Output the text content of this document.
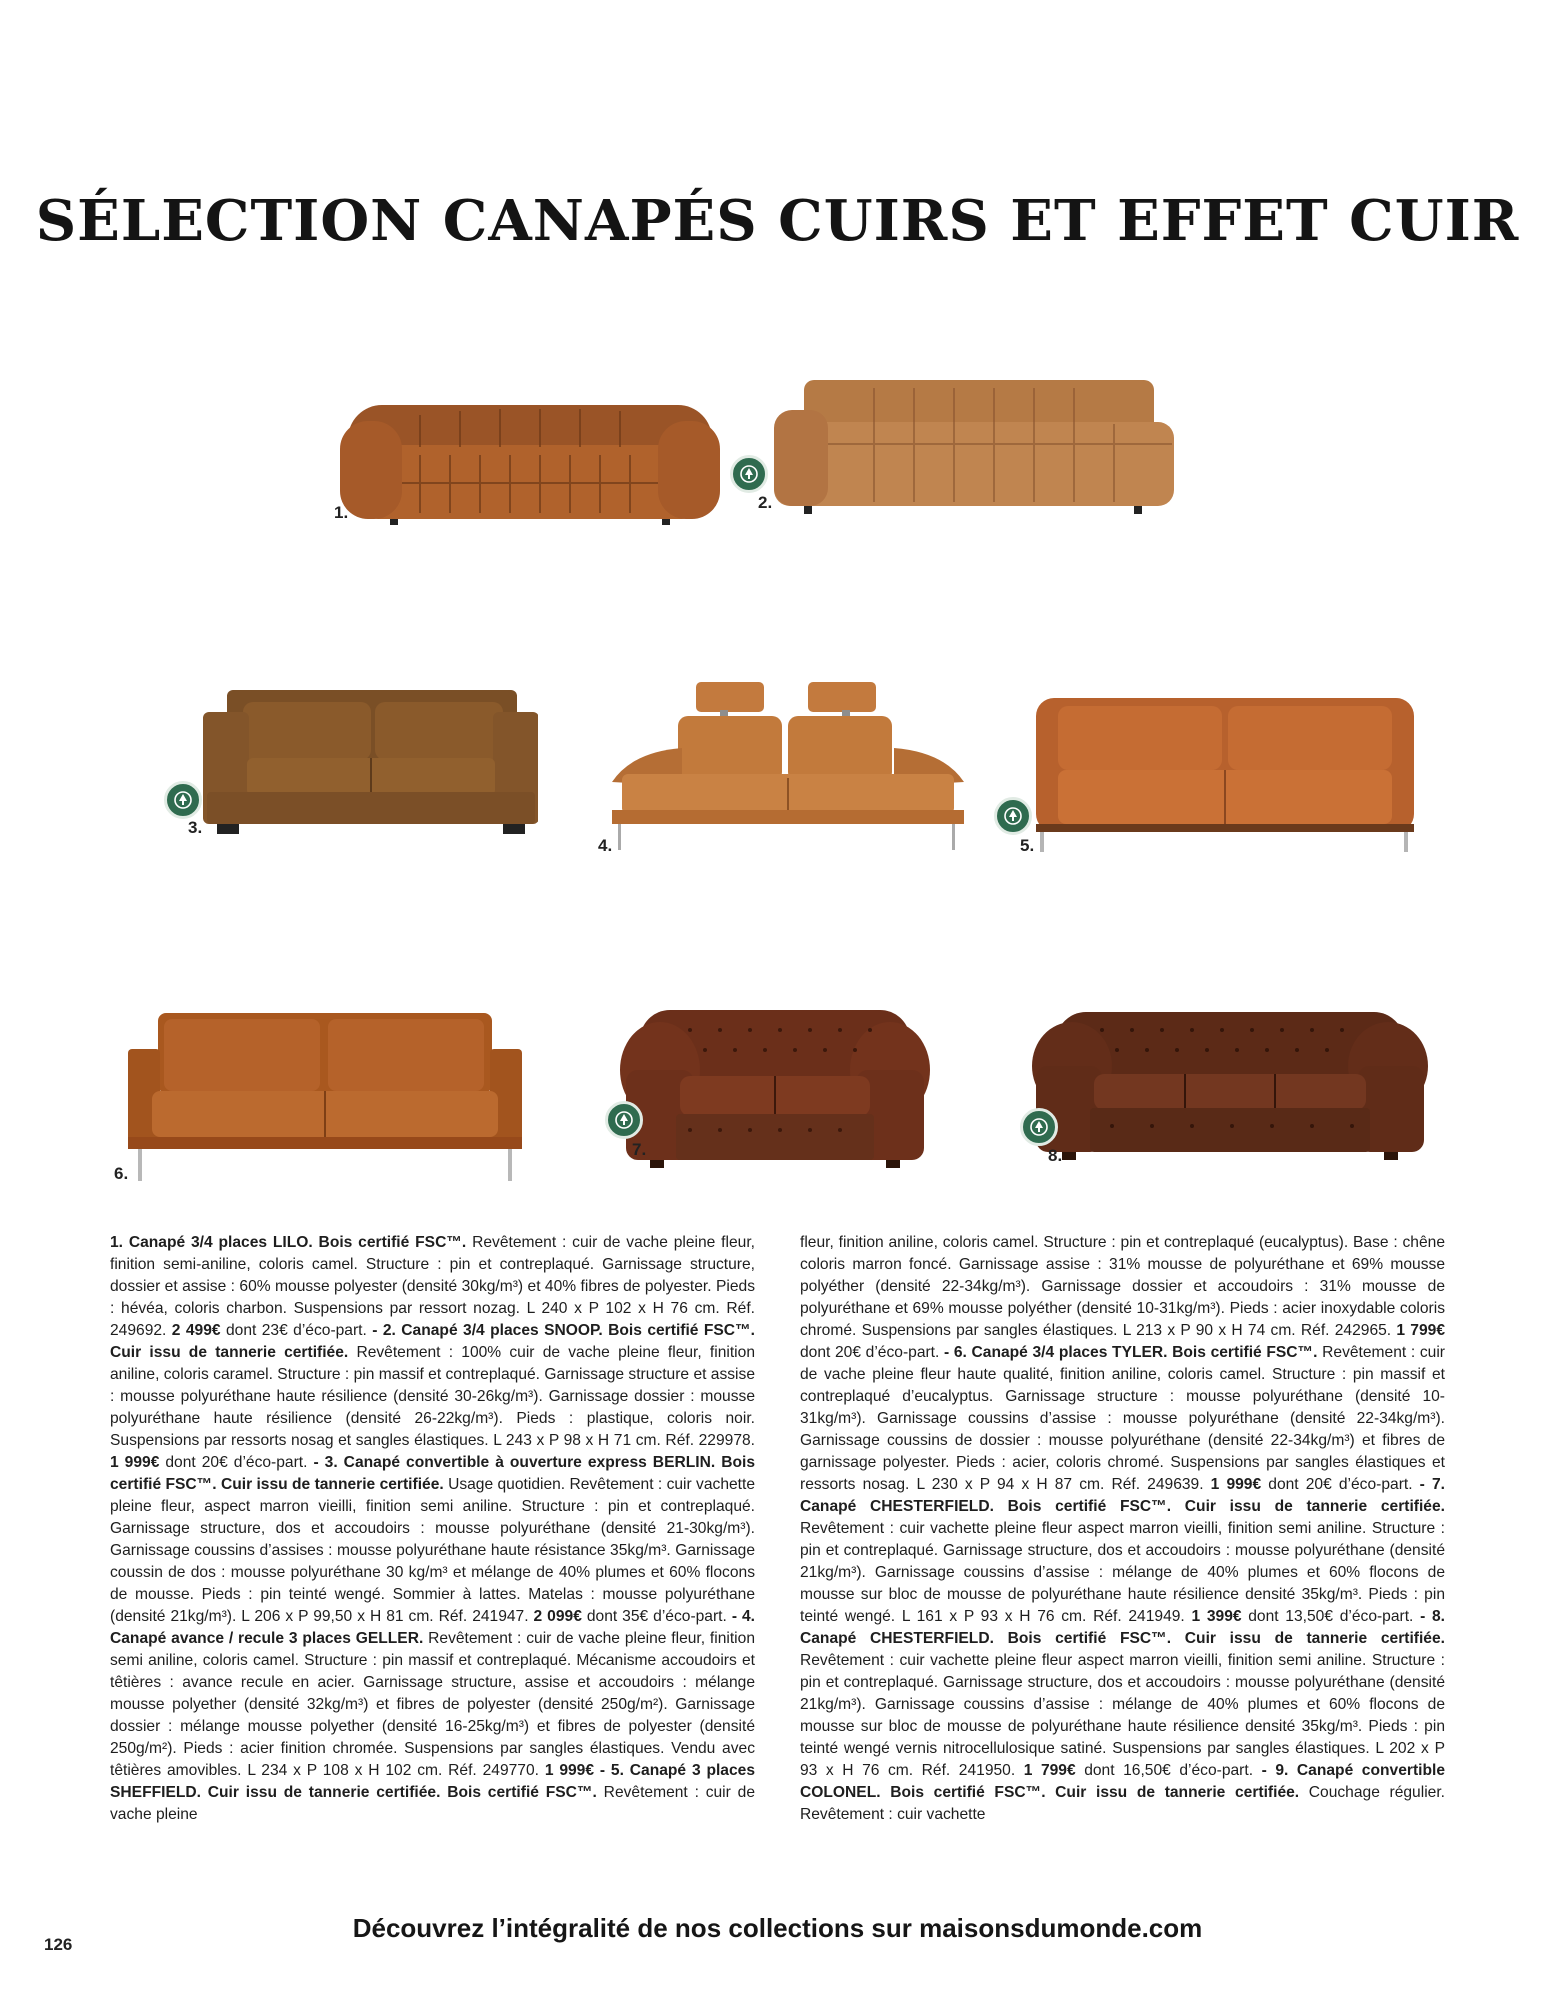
SÉLECTION CANAPÉS CUIRS ET EFFET CUIR
1.
2.
3.
4.	5.
6.
7.	8.

1. Canapé 3/4 places LILO. Bois certifié FSC™. Revêtement : cuir de vache pleine fleur, finition semi-aniline, coloris camel. Structure : pin et contreplaqué. Garnissage structure, dossier et assise : 60% mousse polyester (densité 30kg/m³) et 40% fibres de polyester. Pieds : hévéa, coloris charbon. Suspensions par ressort nozag. L 240 x P 102 x H 76 cm. Réf. 249692. 2 499€ dont 23€ d’éco-part. - 2. Canapé 3/4 places SNOOP. Bois certifié FSC™. Cuir issu de tannerie certifiée. Revêtement : 100% cuir de vache pleine fleur, finition aniline, coloris caramel. Structure : pin massif et contreplaqué. Garnissage structure et assise : mousse polyuréthane haute résilience (densité 30-26kg/m³). Garnissage dossier : mousse polyuréthane haute résilience (densité 26-22kg/m³). Pieds : plastique, coloris noir. Suspensions par ressorts nosag et sangles élastiques. L 243 x P 98 x H 71 cm. Réf. 229978. 1 999€ dont 20€ d’éco-part. - 3. Canapé convertible à ouverture express BERLIN. Bois certifié FSC™. Cuir issu de tannerie certifiée. Usage quotidien. Revêtement : cuir vachette pleine fleur, aspect marron vieilli, finition semi aniline. Structure : pin et contreplaqué. Garnissage structure, dos et accoudoirs : mousse polyuréthane (densité 21-30kg/m³). Garnissage coussins d’assises : mousse polyuréthane haute résistance 35kg/m³. Garnissage coussin de dos : mousse polyuréthane 30 kg/m³ et mélange de 40% plumes et 60% flocons de mousse. Pieds : pin teinté wengé. Sommier à lattes. Matelas : mousse polyuréthane (densité 21kg/m³). L 206 x P 99,50 x H 81 cm. Réf. 241947. 2 099€ dont 35€ d’éco-part. - 4. Canapé avance / recule 3 places GELLER. Revêtement : cuir de vache pleine fleur, finition semi aniline, coloris camel. Structure : pin massif et contreplaqué. Mécanisme accoudoirs et têtières : avance recule en acier. Garnissage structure, assise et accoudoirs : mélange mousse polyether (densité 32kg/m³) et fibres de polyester (densité 250g/m²). Garnissage dossier : mélange mousse polyether (densité 16-25kg/m³) et fibres de polyester (densité 250g/m²). Pieds : acier finition chromée. Suspensions par sangles élastiques. Vendu avec têtières amovibles. L 234 x P 108 x H 102 cm. Réf. 249770. 1 999€ - 5. Canapé 3 places SHEFFIELD. Cuir issu de tannerie certifiée. Bois certifié FSC™. Revêtement : cuir de vache pleine

fleur, finition aniline, coloris camel. Structure : pin et contreplaqué (eucalyptus). Base : chêne coloris marron foncé. Garnissage assise : 31% mousse de polyuréthane et 69% mousse polyéther (densité 22-34kg/m³). Garnissage dossier et accoudoirs : 31% mousse de polyuréthane et 69% mousse polyéther (densité 10-31kg/m³). Pieds : acier inoxydable coloris chromé. Suspensions par sangles élastiques. L 213 x P 90 x H 74 cm. Réf. 242965. 1 799€ dont 20€ d’éco-part. - 6. Canapé 3/4 places TYLER. Bois certifié FSC™. Revêtement : cuir de vache pleine fleur haute qualité, finition aniline, coloris camel. Structure : pin massif et contreplaqué d’eucalyptus. Garnissage structure : mousse polyuréthane (densité 10-31kg/m³). Garnissage coussins d’assise : mousse polyuréthane (densité 22-34kg/m³). Garnissage coussins de dossier : mousse polyuréthane (densité 22-34kg/m³) et fibres de garnissage polyester. Pieds : acier, coloris chromé. Suspensions par sangles élastiques et ressorts nosag. L 230 x P 94 x H 87 cm. Réf. 249639. 1 999€ dont 20€ d’éco-part. - 7. Canapé CHESTERFIELD. Bois certifié FSC™. Cuir issu de tannerie certifiée. Revêtement : cuir vachette pleine fleur aspect marron vieilli, finition semi aniline. Structure : pin et contreplaqué. Garnissage structure, dos et accoudoirs : mousse polyuréthane (densité 21kg/m³). Garnissage coussins d’assise : mélange de 40% plumes et 60% flocons de mousse sur bloc de mousse de polyuréthane haute résilience densité 35kg/m³. Pieds : pin teinté wengé. L 161 x P 93 x H 76 cm. Réf. 241949. 1 399€ dont 13,50€ d’éco-part. - 8. Canapé CHESTERFIELD. Bois certifié FSC™. Cuir issu de tannerie certifiée. Revêtement : cuir vachette pleine fleur aspect marron vieilli, finition semi aniline. Structure : pin et contreplaqué. Garnissage structure, dos et accoudoirs : mousse polyuréthane (densité 21kg/m³). Garnissage coussins d’assise : mélange de 40% plumes et 60% flocons de mousse sur bloc de mousse de polyuréthane haute résilience densité 35kg/m³. Pieds : pin teinté wengé vernis nitrocellulosique satiné. Suspensions par sangles élastiques. L 202 x P 93 x H 76 cm. Réf. 241950. 1 799€ dont 16,50€ d’éco-part. - 9. Canapé convertible COLONEL. Bois certifié FSC™. Cuir issu de tannerie certifiée. Couchage régulier. Revêtement : cuir vachette

Découvrez l’intégralité de nos collections sur maisonsdumonde.com
126
